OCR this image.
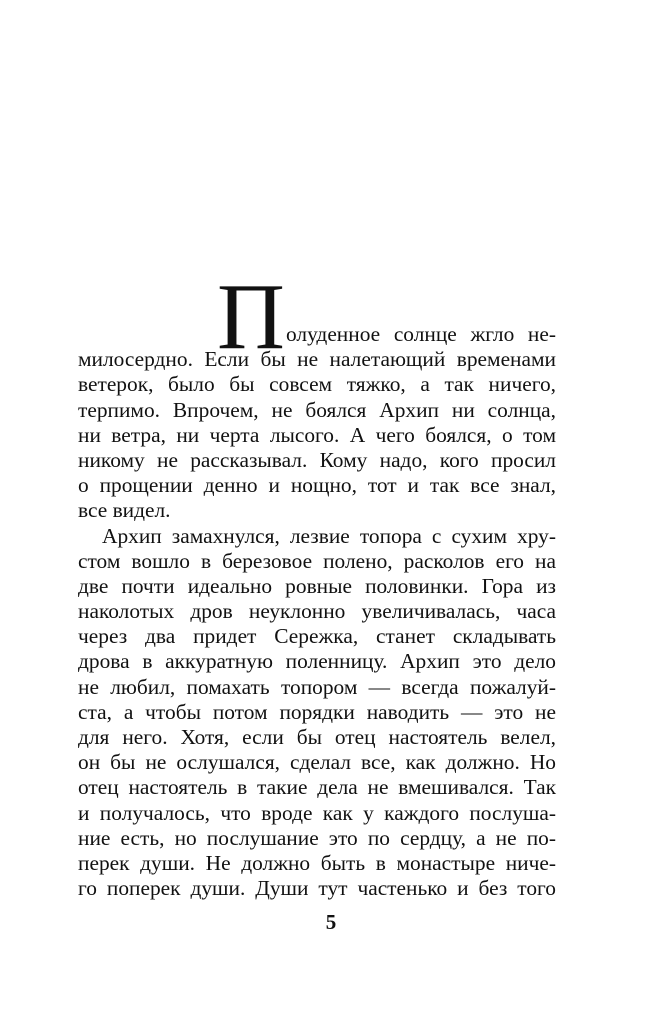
П олуденное солнце жгло не-
милосердно. Если бы не налетающий временами
ветерок, было бы совсем тяжко, а так ничего,
терпимо. Впрочем, не боялся Архип ни солнца,
ни ветра, ни черта лысого. А чего боялся, о том
никому не рассказывал. Кому надо, кого просил
о прощении денно и нощно, тот и так все знал,
все видел.
Архип замахнулся, лезвие топора с сухим хру-
стом вошло в березовое полено, расколов его на
две почти идеально ровные половинки. Гора из
наколотых дров неуклонно увеличивалась, часа
через два придет Сережка, станет складывать
дрова в аккуратную поленницу. Архип это дело
не любил, помахать топором — всегда пожалуй-
ста, а чтобы потом порядки наводить — это не
для него. Хотя, если бы отец настоятель велел,
он бы не ослушался, сделал все, как должно. Но
отец настоятель в такие дела не вмешивался. Так
и получалось, что вроде как у каждого послуша-
ние есть, но послушание это по сердцу, а не по-
перек души. Не должно быть в монастыре ниче-
го поперек души. Души тут частенько и без того
5
